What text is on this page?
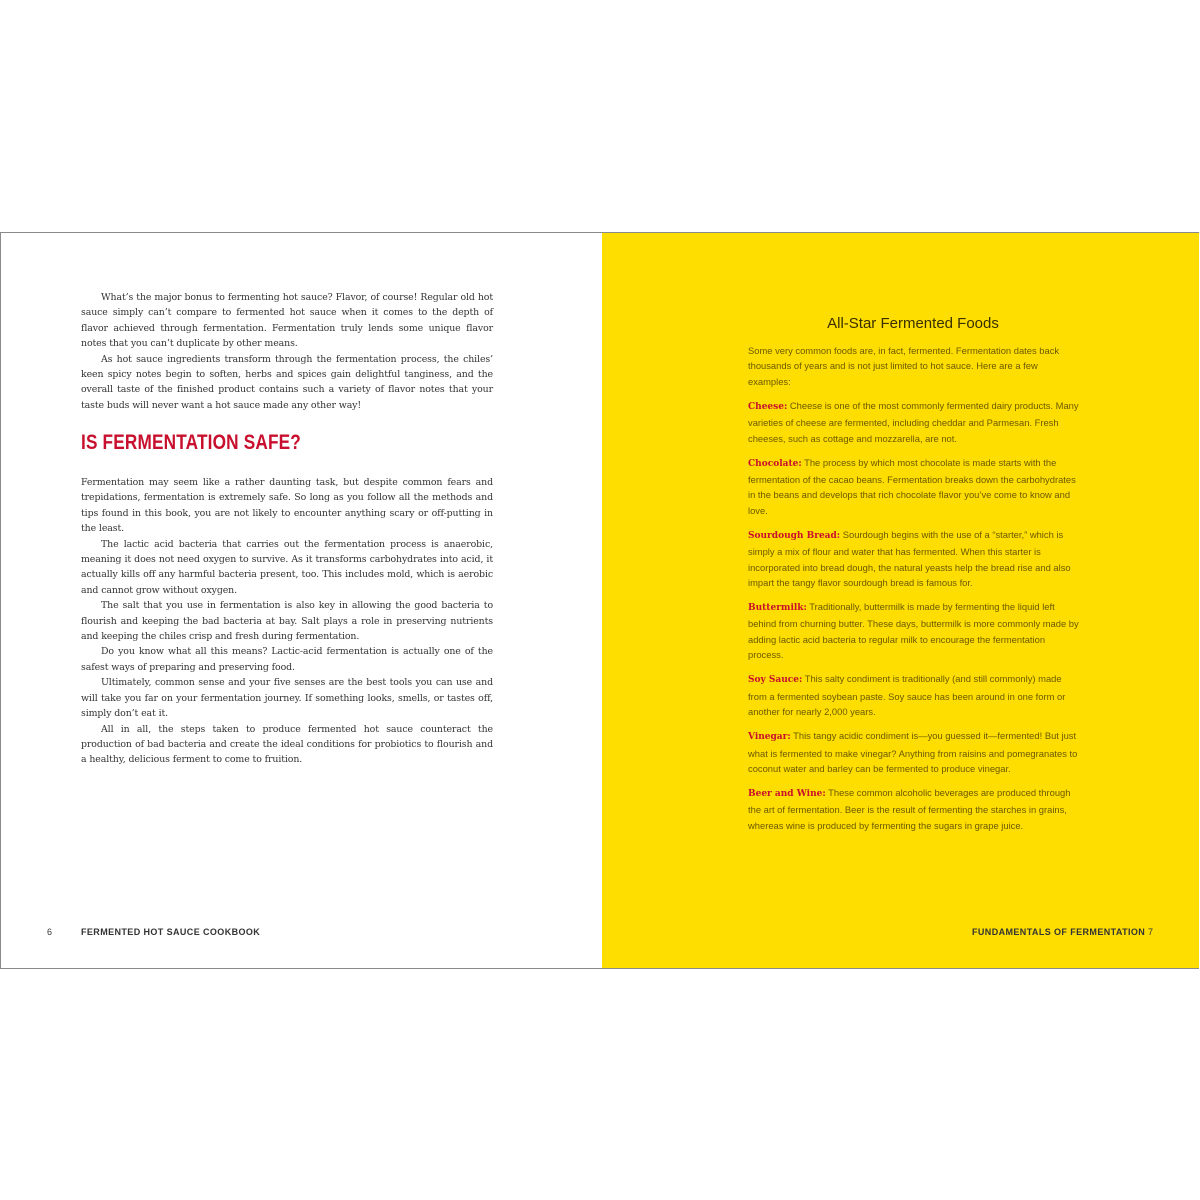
What’s the major bonus to fermenting hot sauce? Flavor, of course! Regular old hot sauce simply can’t compare to fermented hot sauce when it comes to the depth of flavor achieved through fermentation. Fermentation truly lends some unique flavor notes that you can’t duplicate by other means.

As hot sauce ingredients transform through the fermentation process, the chiles’ keen spicy notes begin to soften, herbs and spices gain delightful tanginess, and the overall taste of the finished product contains such a variety of flavor notes that your taste buds will never want a hot sauce made any other way!

IS FERMENTATION SAFE?

Fermentation may seem like a rather daunting task, but despite common fears and trepidations, fermentation is extremely safe. So long as you follow all the methods and tips found in this book, you are not likely to encounter anything scary or off-putting in the least.

The lactic acid bacteria that carries out the fermentation process is anaerobic, meaning it does not need oxygen to survive. As it transforms carbohydrates into acid, it actually kills off any harmful bacteria present, too. This includes mold, which is aerobic and cannot grow without oxygen.

The salt that you use in fermentation is also key in allowing the good bacteria to flourish and keeping the bad bacteria at bay. Salt plays a role in preserving nutrients and keeping the chiles crisp and fresh during fermentation.

Do you know what all this means? Lactic-acid fermentation is actually one of the safest ways of preparing and preserving food.

Ultimately, common sense and your five senses are the best tools you can use and will take you far on your fermentation journey. If something looks, smells, or tastes off, simply don’t eat it.

All in all, the steps taken to produce fermented hot sauce counteract the production of bad bacteria and create the ideal conditions for probiotics to flourish and a healthy, delicious ferment to come to fruition.

6	FERMENTED HOT SAUCE COOKBOOK
All-Star Fermented Foods

Some very common foods are, in fact, fermented. Fermentation dates back thousands of years and is not just limited to hot sauce. Here are a few examples:

Cheese: Cheese is one of the most commonly fermented dairy products. Many varieties of cheese are fermented, including cheddar and Parmesan. Fresh cheeses, such as cottage and mozzarella, are not.

Chocolate: The process by which most chocolate is made starts with the fermentation of the cacao beans. Fermentation breaks down the carbohydrates in the beans and develops that rich chocolate flavor you’ve come to know and love.

Sourdough Bread: Sourdough begins with the use of a “starter,” which is simply a mix of flour and water that has fermented. When this starter is incorporated into bread dough, the natural yeasts help the bread rise and also impart the tangy flavor sourdough bread is famous for.

Buttermilk: Traditionally, buttermilk is made by fermenting the liquid left behind from churning butter. These days, buttermilk is more commonly made by adding lactic acid bacteria to regular milk to encourage the fermentation process.

Soy Sauce: This salty condiment is traditionally (and still commonly) made from a fermented soybean paste. Soy sauce has been around in one form or another for nearly 2,000 years.

Vinegar: This tangy acidic condiment is—you guessed it—fermented! But just what is fermented to make vinegar? Anything from raisins and pomegranates to coconut water and barley can be fermented to produce vinegar.

Beer and Wine: These common alcoholic beverages are produced through the art of fermentation. Beer is the result of fermenting the starches in grains, whereas wine is produced by fermenting the sugars in grape juice.

FUNDAMENTALS OF FERMENTATION 7
